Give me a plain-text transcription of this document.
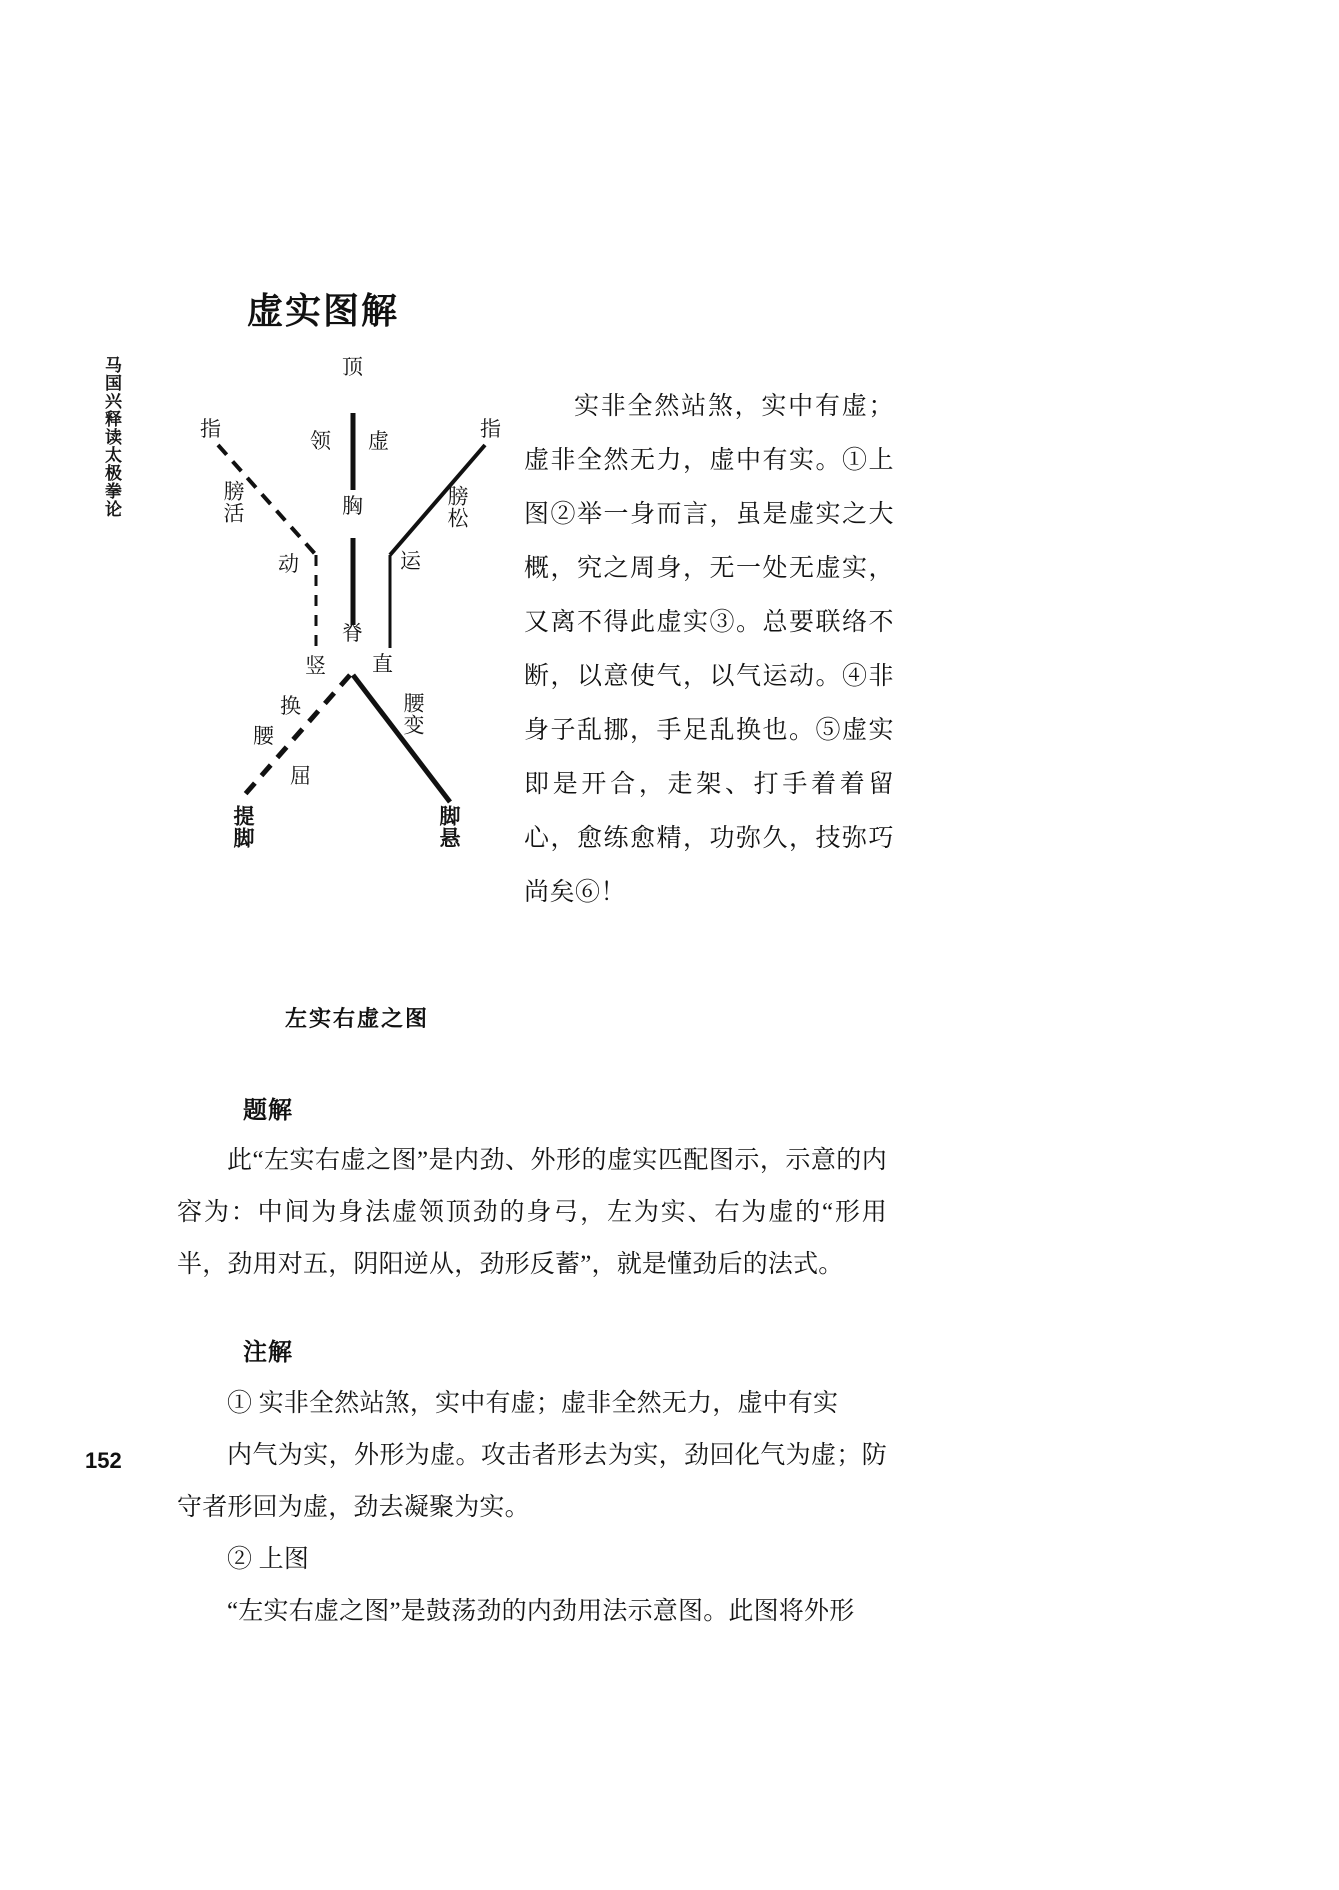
马国兴释读太极拳论
虚实图解
顶
领 虚
胸
指	指
膀活	膀松
动	运
脊
竖 直
换
腰	腰变
屈
提脚	脚悬
左实右虚之图

实非全然站煞，实中有虚；虚非全然无力，虚中有实。①上图②举一身而言，虽是虚实之大概，究之周身，无一处无虚实，又离不得此虚实③。总要联络不断，以意使气，以气运动。④非身子乱挪，手足乱换也。⑤虚实即是开合，走架、打手着着留心，愈练愈精，功弥久，技弥巧尚矣⑥！

题解

此“左实右虚之图”是内劲、外形的虚实匹配图示，示意的内容为：中间为身法虚领顶劲的身弓，左为实、右为虚的“形用半，劲用对五，阴阳逆从，劲形反蓄”，就是懂劲后的法式。

注解

① 实非全然站煞，实中有虚；虚非全然无力，虚中有实

内气为实，外形为虚。攻击者形去为实，劲回化气为虚；防守者形回为虚，劲去凝聚为实。

② 上图

“左实右虚之图”是鼓荡劲的内劲用法示意图。此图将外形

152
